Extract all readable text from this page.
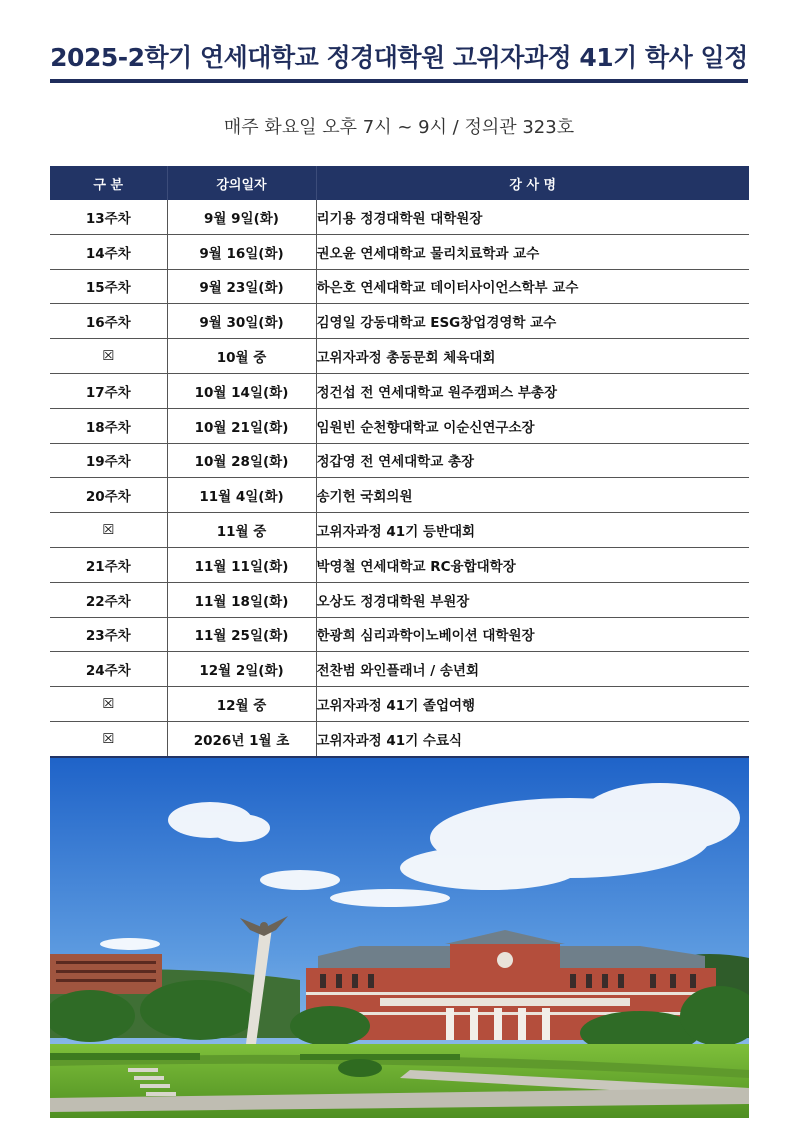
2025-2학기 연세대학교 정경대학원 고위자과정 41기 학사 일정
매주 화요일 오후 7시 ~ 9시 / 정의관 323호
구 분	강의일자	강 사 명
13주차	9월 9일(화)	리기용 정경대학원 대학원장
14주차	9월 16일(화)	권오윤 연세대학교 물리치료학과 교수
15주차	9월 23일(화)	하은호 연세대학교 데이터사이언스학부 교수
16주차	9월 30일(화)	김영일 강동대학교 ESG창업경영학 교수
☒	10월 중	고위자과정 총동문회 체육대회
17주차	10월 14일(화)	정건섭 전 연세대학교 원주캠퍼스 부총장
18주차	10월 21일(화)	임원빈 순천향대학교 이순신연구소장
19주차	10월 28일(화)	정갑영 전 연세대학교 총장
20주차	11월 4일(화)	송기헌 국회의원
☒	11월 중	고위자과정 41기 등반대회
21주차	11월 11일(화)	박영철 연세대학교 RC융합대학장
22주차	11월 18일(화)	오상도 정경대학원 부원장
23주차	11월 25일(화)	한광희 심리과학이노베이션 대학원장
24주차	12월 2일(화)	전찬범 와인플래너 / 송년회
☒	12월 중	고위자과정 41기 졸업여행
☒	2026년 1월 초	고위자과정 41기 수료식
